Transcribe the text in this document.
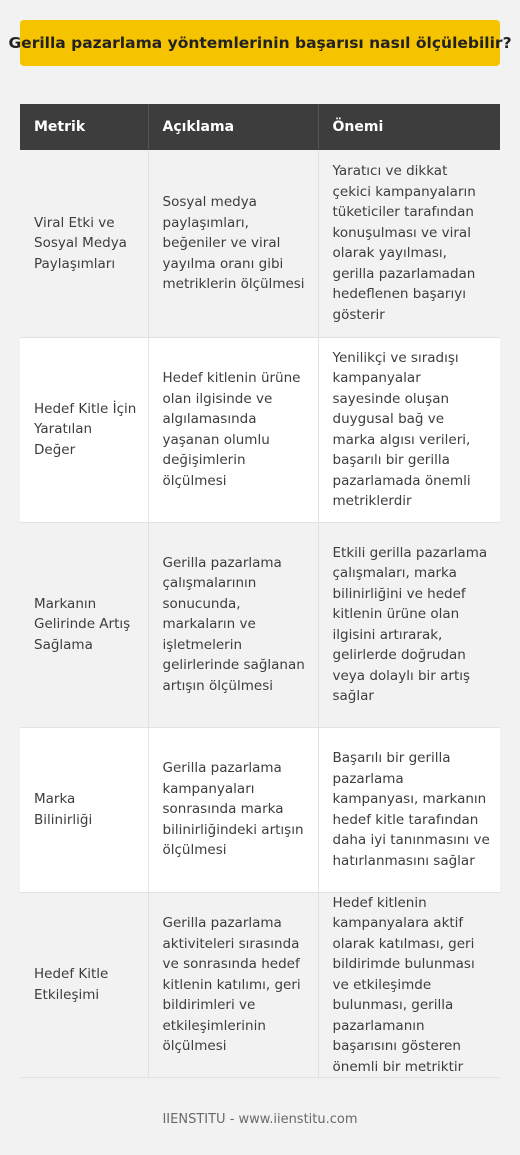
Gerilla pazarlama yöntemlerinin başarısı nasıl ölçülebilir?
Metrik	Açıklama	Önemi
Viral Etki ve Sosyal Medya Paylaşımları	Sosyal medya paylaşımları, beğeniler ve viral yayılma oranı gibi metriklerin ölçülmesi	Yaratıcı ve dikkat çekici kampanyaların tüketiciler tarafından konuşulması ve viral olarak yayılması, gerilla pazarlamadan hedeflenen başarıyı gösterir
Hedef Kitle İçin Yaratılan Değer	Hedef kitlenin ürüne olan ilgisinde ve algılamasında yaşanan olumlu değişimlerin ölçülmesi	Yenilikçi ve sıradışı kampanyalar sayesinde oluşan duygusal bağ ve marka algısı verileri, başarılı bir gerilla pazarlamada önemli metriklerdir
Markanın Gelirinde Artış Sağlama	Gerilla pazarlama çalışmalarının sonucunda, markaların ve işletmelerin gelirlerinde sağlanan artışın ölçülmesi	Etkili gerilla pazarlama çalışmaları, marka bilinirliğini ve hedef kitlenin ürüne olan ilgisini artırarak, gelirlerde doğrudan veya dolaylı bir artış sağlar
Marka Bilinirliği	Gerilla pazarlama kampanyaları sonrasında marka bilinirliğindeki artışın ölçülmesi	Başarılı bir gerilla pazarlama kampanyası, markanın hedef kitle tarafından daha iyi tanınmasını ve hatırlanmasını sağlar
Hedef Kitle Etkileşimi	Gerilla pazarlama aktiviteleri sırasında ve sonrasında hedef kitlenin katılımı, geri bildirimleri ve etkileşimlerinin ölçülmesi	Hedef kitlenin kampanyalara aktif olarak katılması, geri bildirimde bulunması ve etkileşimde bulunması, gerilla pazarlamanın başarısını gösteren önemli bir metriktir
IIENSTITU - www.iienstitu.com
